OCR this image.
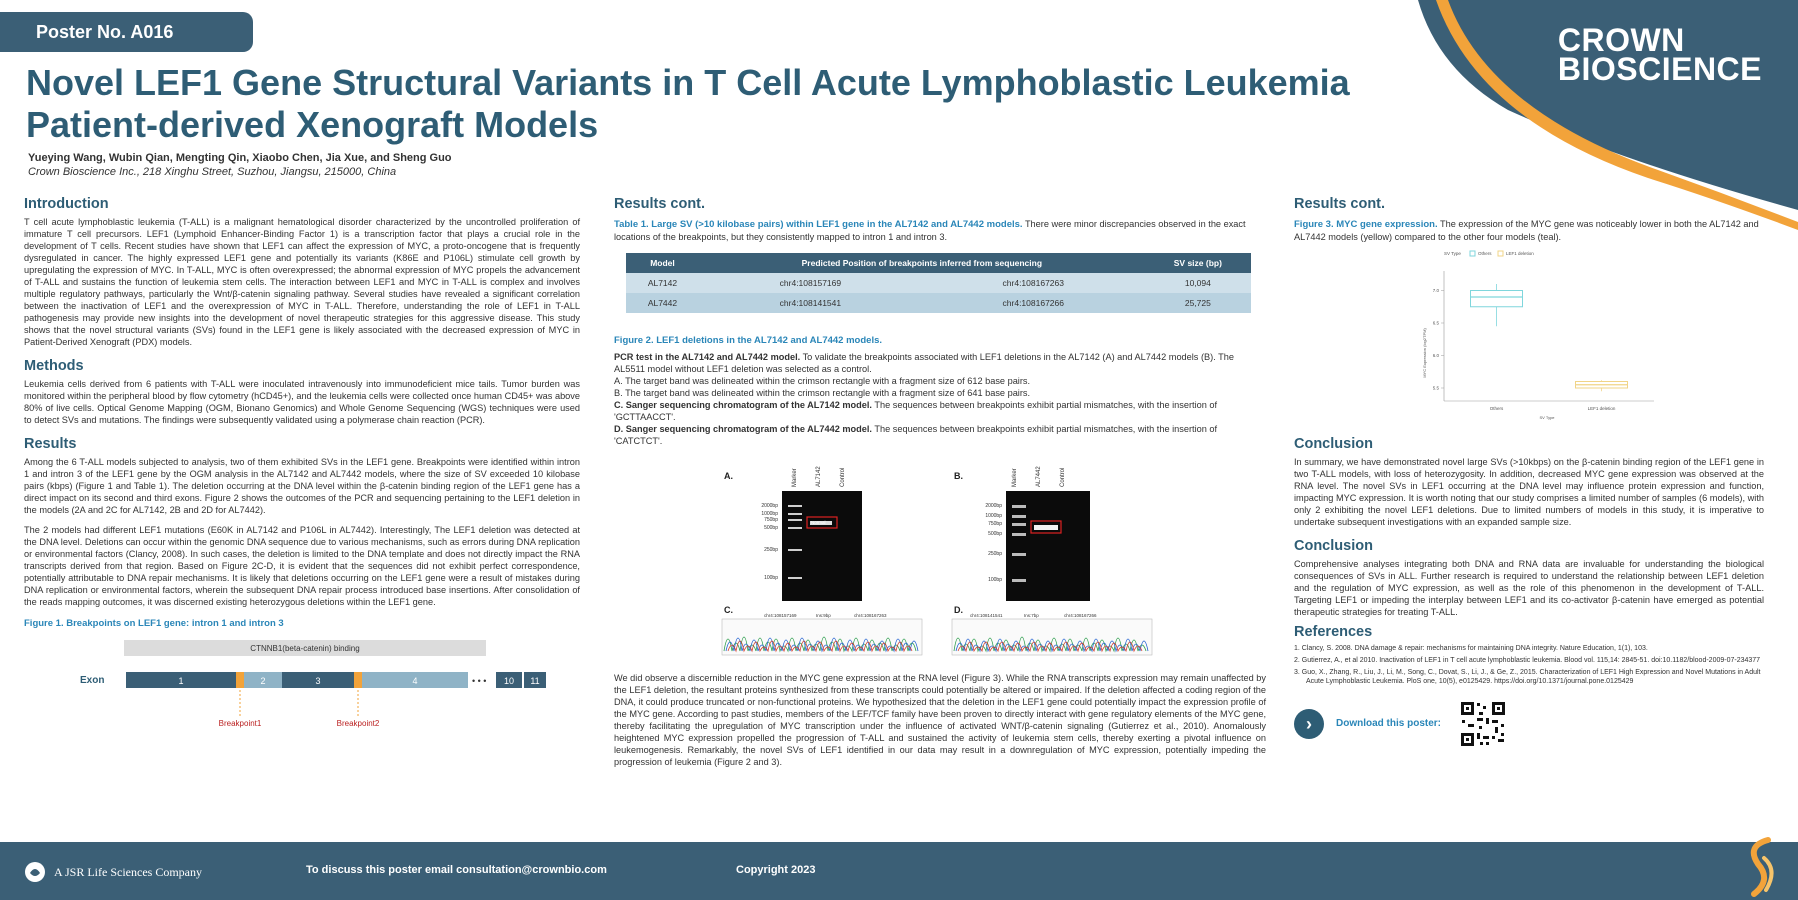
Poster No. A016
Novel LEF1 Gene Structural Variants in T Cell Acute Lymphoblastic Leukemia Patient-derived Xenograft Models
Yueying Wang, Wubin Qian, Mengting Qin, Xiaobo Chen, Jia Xue, and Sheng Guo
Crown Bioscience Inc., 218 Xinghu Street, Suzhou, Jiangsu, 215000, China
CROWN
BIOSCIENCE
Introduction

T cell acute lymphoblastic leukemia (T-ALL) is a malignant hematological disorder characterized by the uncontrolled proliferation of immature T cell precursors. LEF1 (Lymphoid Enhancer-Binding Factor 1) is a transcription factor that plays a crucial role in the development of T cells. Recent studies have shown that LEF1 can affect the expression of MYC, a proto-oncogene that is frequently dysregulated in cancer. The highly expressed LEF1 gene and potentially its variants (K86E and P106L) stimulate cell growth by upregulating the expression of MYC. In T-ALL, MYC is often overexpressed; the abnormal expression of MYC propels the advancement of T-ALL and sustains the function of leukemia stem cells. The interaction between LEF1 and MYC in T-ALL is complex and involves multiple regulatory pathways, particularly the Wnt/β-catenin signaling pathway. Several studies have revealed a significant correlation between the inactivation of LEF1 and the overexpression of MYC in T-ALL. Therefore, understanding the role of LEF1 in T-ALL pathogenesis may provide new insights into the development of novel therapeutic strategies for this aggressive disease. This study shows that the novel structural variants (SVs) found in the LEF1 gene is likely associated with the decreased expression of MYC in Patient-Derived Xenograft (PDX) models.

Methods

Leukemia cells derived from 6 patients with T-ALL were inoculated intravenously into immunodeficient mice tails. Tumor burden was monitored within the peripheral blood by flow cytometry (hCD45+), and the leukemia cells were collected once human CD45+ was above 80% of live cells. Optical Genome Mapping (OGM, Bionano Genomics) and Whole Genome Sequencing (WGS) techniques were used to detect SVs and mutations. The findings were subsequently validated using a polymerase chain reaction (PCR).

Results

Among the 6 T-ALL models subjected to analysis, two of them exhibited SVs in the LEF1 gene. Breakpoints were identified within intron 1 and intron 3 of the LEF1 gene by the OGM analysis in the AL7142 and AL7442 models, where the size of SV exceeded 10 kilobase pairs (kbps) (Figure 1 and Table 1). The deletion occurring at the DNA level within the β-catenin binding region of the LEF1 gene has a direct impact on its second and third exons. Figure 2 shows the outcomes of the PCR and sequencing pertaining to the LEF1 deletion in the models (2A and 2C for AL7142, 2B and 2D for AL7442).

The 2 models had different LEF1 mutations (E60K in AL7142 and P106L in AL7442). Interestingly, The LEF1 deletion was detected at the DNA level. Deletions can occur within the genomic DNA sequence due to various mechanisms, such as errors during DNA replication or environmental factors (Clancy, 2008). In such cases, the deletion is limited to the DNA template and does not directly impact the RNA transcripts derived from that region. Based on Figure 2C-D, it is evident that the sequences did not exhibit perfect correspondence, potentially attributable to DNA repair mechanisms. It is likely that deletions occurring on the LEF1 gene were a result of mistakes during DNA replication or environmental factors, wherein the subsequent DNA repair process introduced base insertions. After consolidation of the reads mapping outcomes, it was discerned existing heterozygous deletions within the LEF1 gene.

Figure 1. Breakpoints on LEF1 gene: intron 1 and intron 3
CTNNB1(beta-catenin) binding
Exon	1	2	3	4	• • • 10 11
Breakpoint1	Breakpoint2
Results cont.
Table 1. Large SV (>10 kilobase pairs) within LEF1 gene in the AL7142 and AL7442 models. There were minor discrepancies observed in the exact locations of the breakpoints, but they consistently mapped to intron 1 and intron 3.
Model	Predicted Position of breakpoints inferred from sequencing		SV size (bp)
AL7142	chr4:108157169	chr4:108167263	10,094
AL7442	chr4:108141541	chr4:108167266	25,725
Figure 2. LEF1 deletions in the AL7142 and AL7442 models.
PCR test in the AL7142 and AL7442 model. To validate the breakpoints associated with LEF1 deletions in the AL7142 (A) and AL7442 models (B). The AL5511 model without LEF1 deletion was selected as a control.
A. The target band was delineated within the crimson rectangle with a fragment size of 612 base pairs.
B. The target band was delineated within the crimson rectangle with a fragment size of 641 base pairs.
C. Sanger sequencing chromatogram of the AL7142 model. The sequences between breakpoints exhibit partial mismatches, with the insertion of 'GCTTAACCT'.
D. Sanger sequencing chromatogram of the AL7442 model. The sequences between breakpoints exhibit partial mismatches, with the insertion of 'CATCTCT'.
A.	Marker	AL7142	Control
2000bp
1000bp
750bp
500bp
250bp
100bp
Normal
B.	Marker	AL7442	Control
2000bp
1000bp
750bp
500bp
250bp
100bp
C.
chr4:108157169	Ins:9bp	chr4:108167263
D.
chr4:108141541	Ins:7bp	chr4:108167266

We did observe a discernible reduction in the MYC gene expression at the RNA level (Figure 3). While the RNA transcripts expression may remain unaffected by the LEF1 deletion, the resultant proteins synthesized from these transcripts could potentially be altered or impaired. If the deletion affected a coding region of the DNA, it could produce truncated or non-functional proteins. We hypothesized that the deletion in the LEF1 gene could potentially impact the expression profile of the MYC gene. According to past studies, members of the LEF/TCF family have been proven to directly interact with gene regulatory elements of the MYC gene, thereby facilitating the upregulation of MYC transcription under the influence of activated WNT/β-catenin signaling (Gutierrez et al., 2010). Anomalously heightened MYC expression propelled the progression of T-ALL and sustained the activity of leukemia stem cells, thereby exerting a pivotal influence on leukemogenesis. Remarkably, the novel SVs of LEF1 identified in our data may result in a downregulation of MYC expression, potentially impeding the progression of leukemia (Figure 2 and 3).

Results cont.
Figure 3. MYC gene expression. The expression of the MYC gene was noticeably lower in both the AL7142 and AL7442 models (yellow) compared to the other four models (teal).
SV Type	Others	LEF1 deletion
7.0
6.5
6.0
5.5
Others	LEF1 deletion
MYC Expression (log2TPM)
SV Type
Conclusion

In summary, we have demonstrated novel large SVs (>10kbps) on the β-catenin binding region of the LEF1 gene in two T-ALL models, with loss of heterozygosity. In addition, decreased MYC gene expression was observed at the RNA level. The novel SVs in LEF1 occurring at the DNA level may influence protein expression and function, impacting MYC expression. It is worth noting that our study comprises a limited number of samples (6 models), with only 2 exhibiting the novel LEF1 deletions. Due to limited numbers of models in this study, it is imperative to undertake subsequent investigations with an expanded sample size.

Conclusion

Comprehensive analyses integrating both DNA and RNA data are invaluable for understanding the biological consequences of SVs in ALL. Further research is required to understand the relationship between LEF1 deletion and the regulation of MYC expression, as well as the role of this phenomenon in the development of T-ALL. Targeting LEF1 or impeding the interplay between LEF1 and its co-activator β-catenin have emerged as potential therapeutic strategies for treating T-ALL.

References
1. Clancy, S. 2008. DNA damage & repair: mechanisms for maintaining DNA integrity. Nature Education, 1(1), 103.
2. Gutierrez, A., et al 2010. Inactivation of LEF1 in T cell acute lymphoblastic leukemia. Blood vol. 115,14: 2845-51. doi:10.1182/blood-2009-07-234377
3. Guo, X., Zhang, R., Liu, J., Li, M., Song, C., Dovat, S., Li, J., & Ge, Z., 2015. Characterization of LEF1 High Expression and Novel Mutations in Adult Acute Lymphoblastic Leukemia. PloS one, 10(5), e0125429. https://doi.org/10.1371/journal.pone.0125429
› Download this poster:
A JSR Life Sciences Company	To discuss this poster email consultation@crownbio.com	Copyright 2023
